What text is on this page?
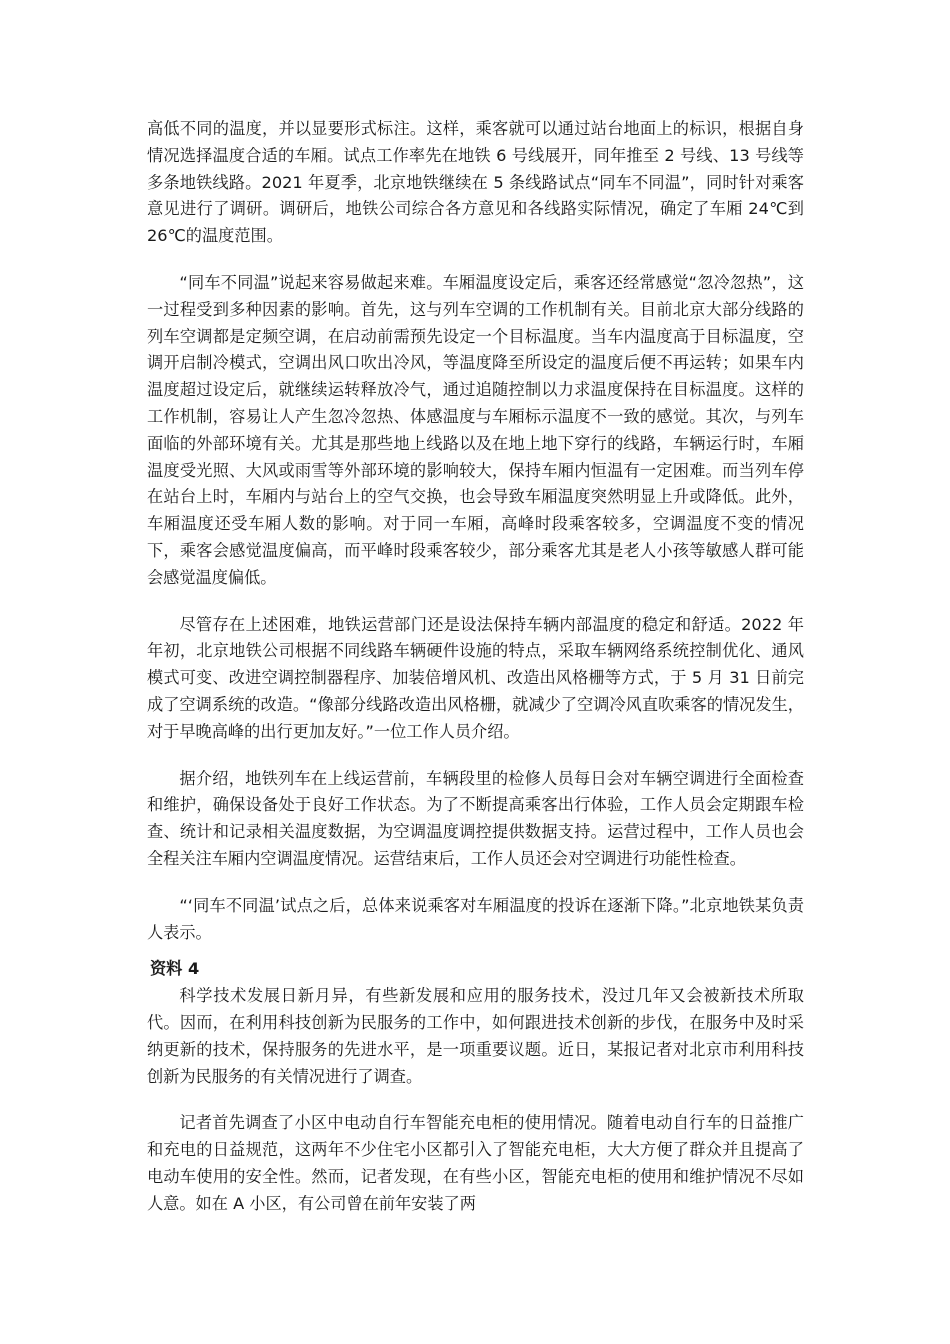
高低不同的温度，并以显要形式标注。这样，乘客就可以通过站台地面上的标识，根据自身情况选择温度合适的车厢。试点工作率先在地铁 6 号线展开，同年推至 2 号线、13 号线等多条地铁线路。2021 年夏季，北京地铁继续在 5 条线路试点“同车不同温”，同时针对乘客意见进行了调研。调研后，地铁公司综合各方意见和各线路实际情况，确定了车厢 24℃到 26℃的温度范围。

“同车不同温”说起来容易做起来难。车厢温度设定后，乘客还经常感觉“忽冷忽热”，这一过程受到多种因素的影响。首先，这与列车空调的工作机制有关。目前北京大部分线路的列车空调都是定频空调，在启动前需预先设定一个目标温度。当车内温度高于目标温度，空调开启制冷模式，空调出风口吹出冷风，等温度降至所设定的温度后便不再运转；如果车内温度超过设定后，就继续运转释放冷气，通过追随控制以力求温度保持在目标温度。这样的工作机制，容易让人产生忽冷忽热、体感温度与车厢标示温度不一致的感觉。其次，与列车面临的外部环境有关。尤其是那些地上线路以及在地上地下穿行的线路，车辆运行时，车厢温度受光照、大风或雨雪等外部环境的影响较大，保持车厢内恒温有一定困难。而当列车停在站台上时，车厢内与站台上的空气交换，也会导致车厢温度突然明显上升或降低。此外，车厢温度还受车厢人数的影响。对于同一车厢，高峰时段乘客较多，空调温度不变的情况下，乘客会感觉温度偏高，而平峰时段乘客较少，部分乘客尤其是老人小孩等敏感人群可能会感觉温度偏低。

尽管存在上述困难，地铁运营部门还是设法保持车辆内部温度的稳定和舒适。2022 年年初，北京地铁公司根据不同线路车辆硬件设施的特点，采取车辆网络系统控制优化、通风模式可变、改进空调控制器程序、加装倍增风机、改造出风格栅等方式，于 5 月 31 日前完成了空调系统的改造。“像部分线路改造出风格栅，就减少了空调冷风直吹乘客的情况发生，对于早晚高峰的出行更加友好。”一位工作人员介绍。

据介绍，地铁列车在上线运营前，车辆段里的检修人员每日会对车辆空调进行全面检查和维护，确保设备处于良好工作状态。为了不断提高乘客出行体验，工作人员会定期跟车检查、统计和记录相关温度数据，为空调温度调控提供数据支持。运营过程中，工作人员也会全程关注车厢内空调温度情况。运营结束后，工作人员还会对空调进行功能性检查。

“‘同车不同温’试点之后，总体来说乘客对车厢温度的投诉在逐渐下降。”北京地铁某负责人表示。

资料 4

科学技术发展日新月异，有些新发展和应用的服务技术，没过几年又会被新技术所取代。因而，在利用科技创新为民服务的工作中，如何跟进技术创新的步伐，在服务中及时采纳更新的技术，保持服务的先进水平，是一项重要议题。近日，某报记者对北京市利用科技创新为民服务的有关情况进行了调查。

记者首先调查了小区中电动自行车智能充电柜的使用情况。随着电动自行车的日益推广和充电的日益规范，这两年不少住宅小区都引入了智能充电柜，大大方便了群众并且提高了电动车使用的安全性。然而，记者发现，在有些小区，智能充电柜的使用和维护情况不尽如人意。如在 A 小区，有公司曾在前年安装了两
